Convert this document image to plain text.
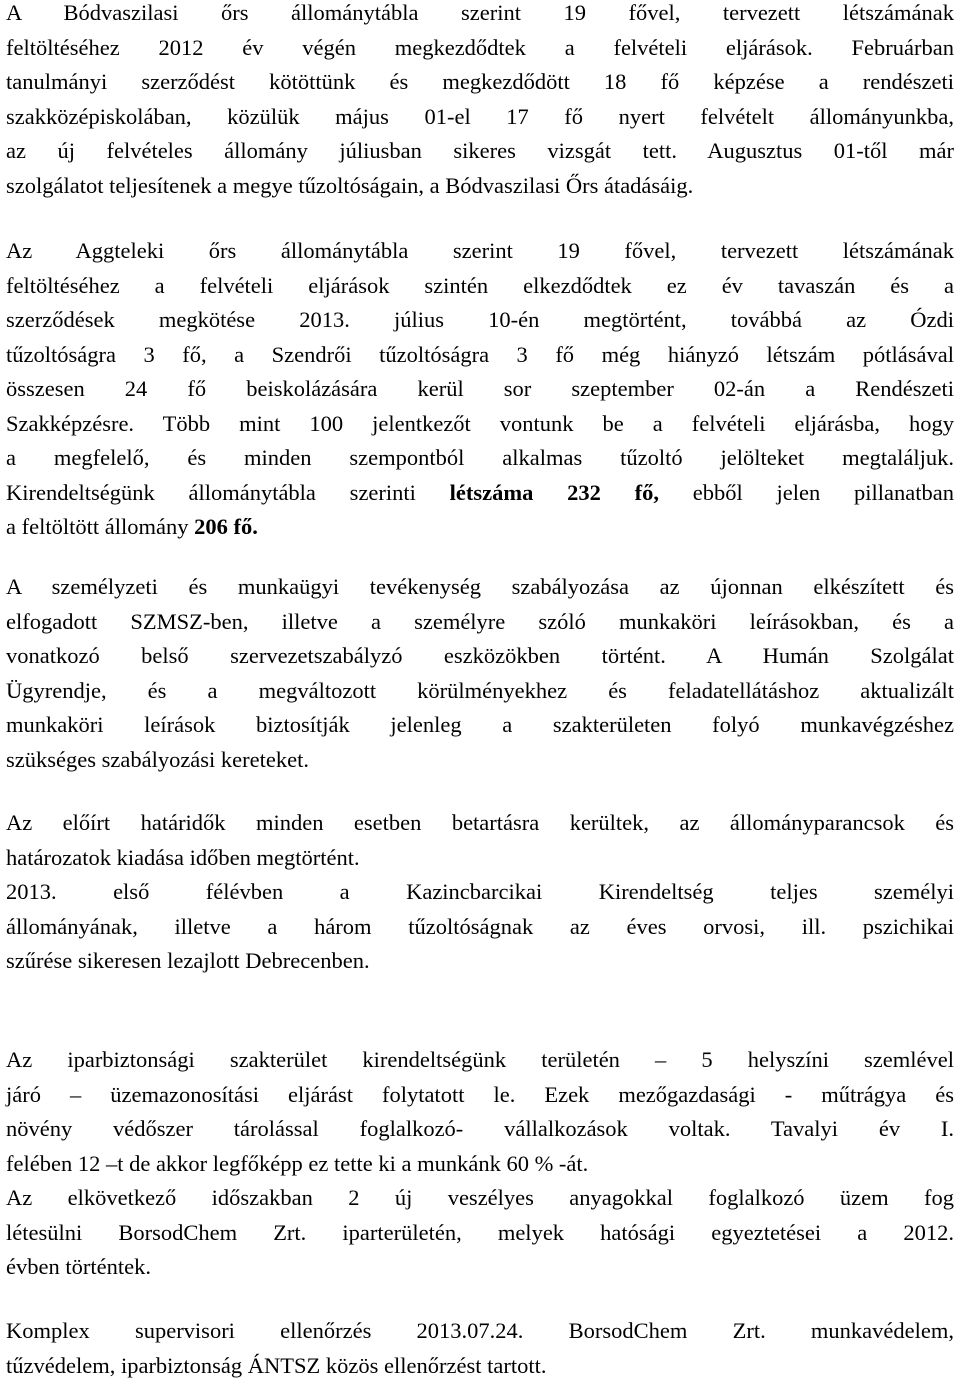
A Bódvaszilasi őrs állománytábla szerint 19 fővel, tervezett létszámának
feltöltéséhez 2012 év végén megkezdődtek a felvételi eljárások. Februárban
tanulmányi szerződést kötöttünk és megkezdődött 18 fő képzése a rendészeti
szakközépiskolában, közülük május 01-el 17 fő nyert felvételt állományunkba,
az új felvételes állomány júliusban sikeres vizsgát tett. Augusztus 01-től már
szolgálatot teljesítenek a megye tűzoltóságain, a Bódvaszilasi Őrs átadásáig.
Az Aggteleki őrs állománytábla szerint 19 fővel, tervezett létszámának
feltöltéséhez a felvételi eljárások szintén elkezdődtek ez év tavaszán és a
szerződések megkötése 2013. július 10-én megtörtént, továbbá az Ózdi
tűzoltóságra 3 fő, a Szendrői tűzoltóságra 3 fő még hiányzó létszám pótlásával
összesen 24 fő beiskolázására kerül sor szeptember 02-án a Rendészeti
Szakképzésre. Több mint 100 jelentkezőt vontunk be a felvételi eljárásba, hogy
a megfelelő, és minden szempontból alkalmas tűzoltó jelölteket megtaláljuk.
Kirendeltségünk állománytábla szerinti létszáma 232 fő, ebből jelen pillanatban
a feltöltött állomány 206 fő.
A személyzeti és munkaügyi tevékenység szabályozása az újonnan elkészített és
elfogadott SZMSZ-ben, illetve a személyre szóló munkaköri leírásokban, és a
vonatkozó belső szervezetszabályzó eszközökben történt. A Humán Szolgálat
Ügyrendje, és a megváltozott körülményekhez és feladatellátáshoz aktualizált
munkaköri leírások biztosítják jelenleg a szakterületen folyó munkavégzéshez
szükséges szabályozási kereteket.
Az előírt határidők minden esetben betartásra kerültek, az állományparancsok és
határozatok kiadása időben megtörtént.
2013. első félévben a Kazincbarcikai Kirendeltség teljes személyi
állományának, illetve a három tűzoltóságnak az éves orvosi, ill. pszichikai
szűrése sikeresen lezajlott Debrecenben.
Az iparbiztonsági szakterület kirendeltségünk területén – 5 helyszíni szemlével
járó – üzemazonosítási eljárást folytatott le. Ezek mezőgazdasági - műtrágya és
növény védőszer tárolással foglalkozó- vállalkozások voltak. Tavalyi év I.
felében 12 –t de akkor legfőképp ez tette ki a munkánk 60 % -át.
Az elkövetkező időszakban 2 új veszélyes anyagokkal foglalkozó üzem fog
létesülni BorsodChem Zrt. iparterületén, melyek hatósági egyeztetései a 2012.
évben történtek.
Komplex supervisori ellenőrzés 2013.07.24. BorsodChem Zrt. munkavédelem,
tűzvédelem, iparbiztonság ÁNTSZ közös ellenőrzést tartott.
